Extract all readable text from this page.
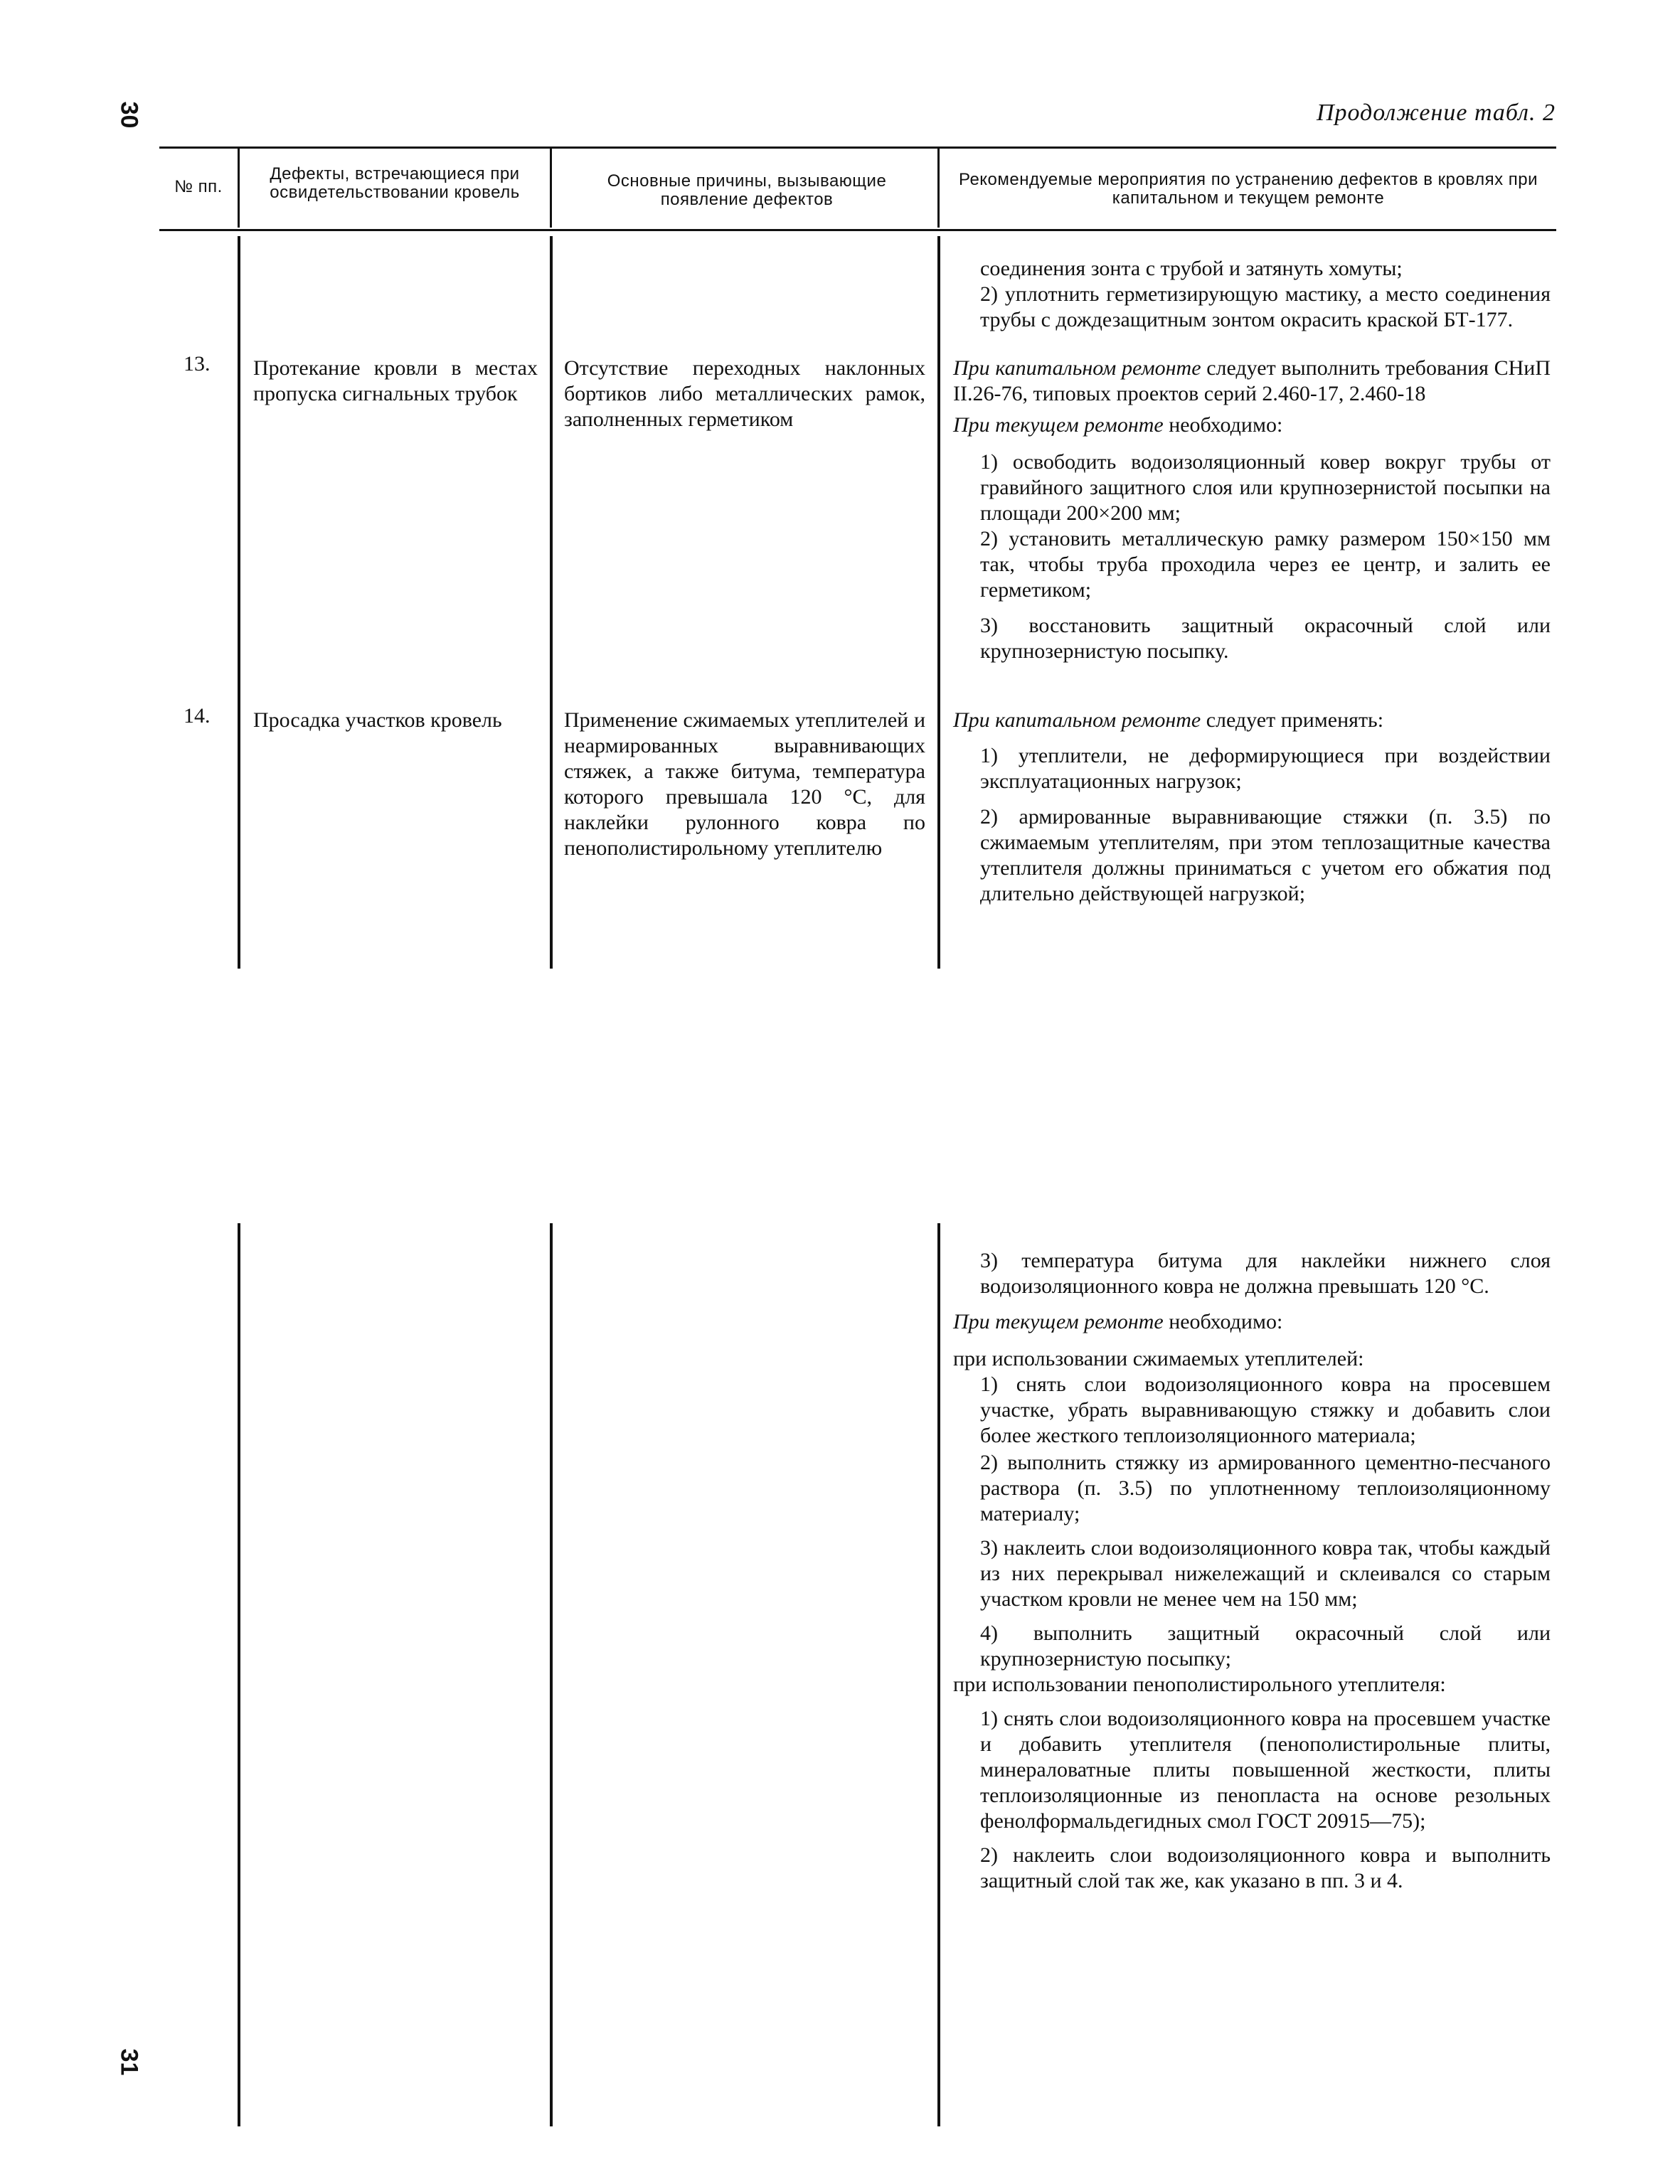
30
31
Продолжение табл. 2
№ пп.
Дефекты, встречающиеся при освидетельствовании кровель
Основные причины, вызывающие появление дефектов
Рекомендуемые мероприятия по устранению дефектов в кровлях при капитальном и текущем ремонте

соединения зонта с трубой и затянуть хомуты;

2) уплотнить герметизирующую мастику, а место соединения трубы с дождезащитным зонтом окрасить краской БТ-177.

13. Протекание кровли в местах пропуска сигнальных трубок
Отсутствие переходных наклонных бортиков либо металлических рамок, заполненных герметиком

При капитальном ремонте следует выполнить требования СНиП II.26-76, типовых проектов серий 2.460-17, 2.460-18

При текущем ремонте необходимо:

1) освободить водоизоляционный ковер вокруг трубы от гравийного защитного слоя или крупнозернистой посыпки на площади 200×200 мм;

2) установить металлическую рамку размером 150×150 мм так, чтобы труба проходила через ее центр, и залить ее герметиком;

3) восстановить защитный окрасочный слой или крупнозернистую посыпку.

14. Просадка участков кровель	Применение сжимаемых утеплителей и неармированных выравнивающих стяжек, а также битума, температура которого превышала 120 °С, для наклейки рулонного ковра по пенополистирольному утеплителю

При капитальном ремонте следует применять:

1) утеплители, не деформирующиеся при воздействии эксплуатационных нагрузок;

2) армированные выравнивающие стяжки (п. 3.5) по сжимаемым утеплителям, при этом теплозащитные качества утеплителя должны приниматься с учетом его обжатия под длительно действующей нагрузкой;

3) температура битума для наклейки нижнего слоя водоизоляционного ковра не должна превышать 120 °С.

При текущем ремонте необходимо:

при использовании сжимаемых утеплителей:

1) снять слои водоизоляционного ковра на просевшем участке, убрать выравнивающую стяжку и добавить слои более жесткого теплоизоляционного материала;

2) выполнить стяжку из армированного цементно-песчаного раствора (п. 3.5) по уплотненному теплоизоляционному материалу;

3) наклеить слои водоизоляционного ковра так, чтобы каждый из них перекрывал нижележащий и склеивался со старым участком кровли не менее чем на 150 мм;

4) выполнить защитный окрасочный слой или крупнозернистую посыпку;

при использовании пенополистирольного утеплителя:

1) снять слои водоизоляционного ковра на просевшем участке и добавить утеплителя (пенополистирольные плиты, минераловатные плиты повышенной жесткости, плиты теплоизоляционные из пенопласта на основе резольных фенолформальдегидных смол ГОСТ 20915—75);

2) наклеить слои водоизоляционного ковра и выполнить защитный слой так же, как указано в пп. 3 и 4.
